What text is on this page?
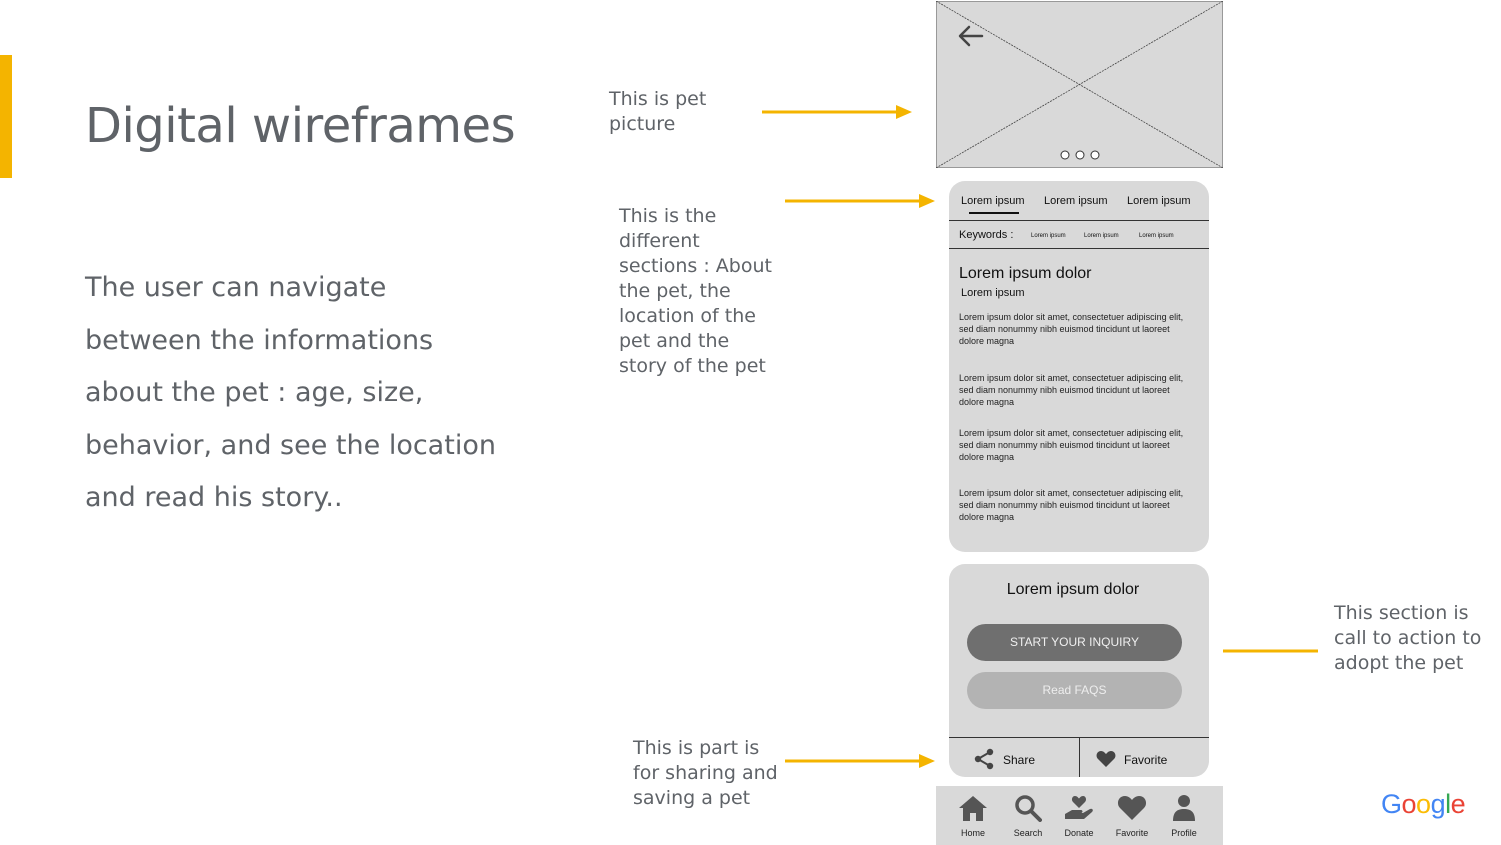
Digital wireframes
The user can navigate between the informations about the pet : age, size, behavior, and see the location and read his story..
This is pet picture
This is the different sections : About the pet, the location of the pet and the story of the pet
This section is call to action to adopt the pet
This is part is for sharing and saving a pet
Lorem ipsum Lorem ipsum Lorem ipsum
Keywords :	Lorem ipsum	Lorem ipsum	Lorem ipsum
Lorem ipsum dolor
Lorem ipsum
Lorem ipsum dolor sit amet, consectetuer adipiscing elit, sed diam nonummy nibh euismod tincidunt ut laoreet dolore magna
Lorem ipsum dolor sit amet, consectetuer adipiscing elit, sed diam nonummy nibh euismod tincidunt ut laoreet dolore magna
Lorem ipsum dolor sit amet, consectetuer adipiscing elit, sed diam nonummy nibh euismod tincidunt ut laoreet dolore magna
Lorem ipsum dolor sit amet, consectetuer adipiscing elit, sed diam nonummy nibh euismod tincidunt ut laoreet dolore magna
Lorem ipsum dolor
START YOUR INQUIRY
Read FAQS
Share	Favorite
Home	Search	Donate	Favorite	Profile
Google
